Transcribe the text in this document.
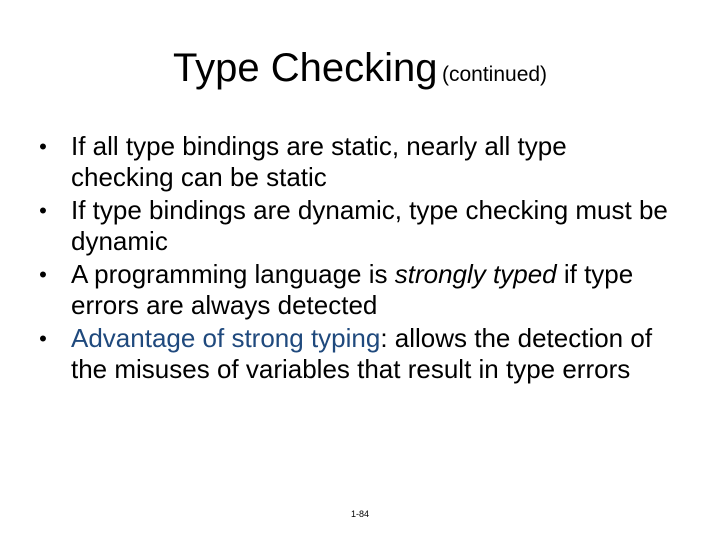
Type Checking (continued)
• If all type bindings are static, nearly all type checking can be static
• If type bindings are dynamic, type checking must be dynamic
• A programming language is strongly typed if type errors are always detected
• Advantage of strong typing: allows the detection of the misuses of variables that result in type errors
1-84
